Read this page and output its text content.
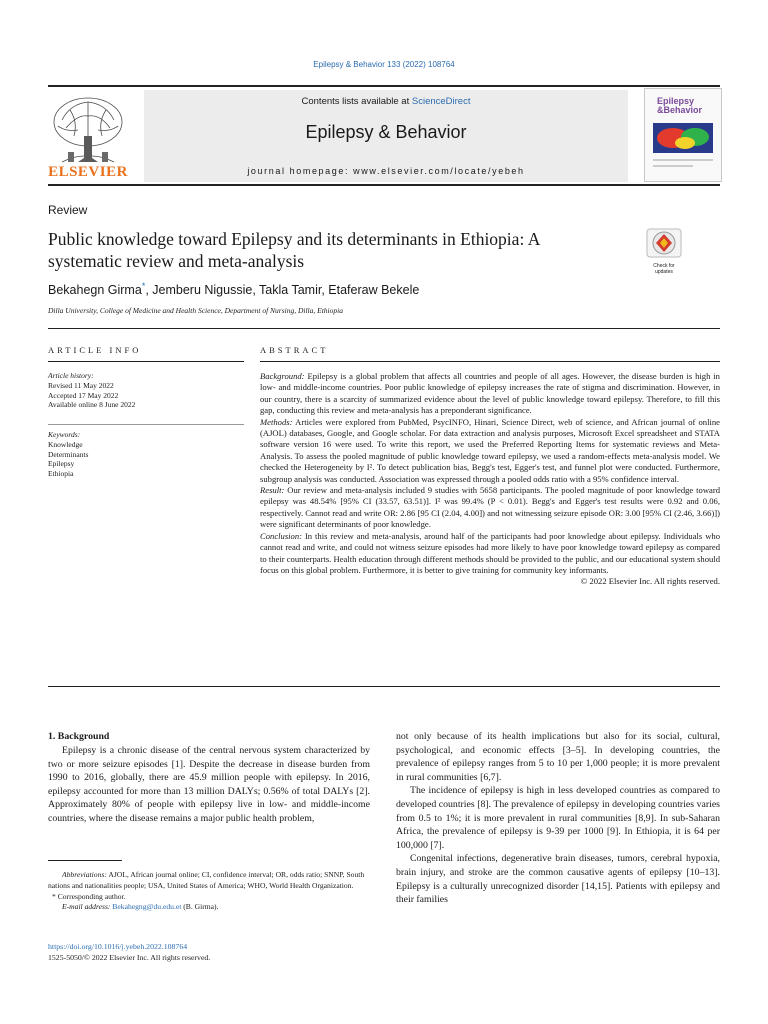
Epilepsy & Behavior 133 (2022) 108764
ELSEVIER
Contents lists available at ScienceDirect
Epilepsy & Behavior
journal homepage: www.elsevier.com/locate/yebeh
Epilepsy
&Behavior
Review
Public knowledge toward Epilepsy and its determinants in Ethiopia: A systematic review and meta-analysis	Check for updates
Bekahegn Girma*, Jemberu Nigussie, Takla Tamir, Etaferaw Bekele
Dilla University, College of Medicine and Health Science, Department of Nursing, Dilla, Ethiopia
ARTICLE INFO	ABSTRACT
Article history:
Revised 11 May 2022
Accepted 17 May 2022
Available online 8 June 2022
Keywords:
Knowledge
Determinants
Epilepsy
Ethiopia

Background: Epilepsy is a global problem that affects all countries and people of all ages. However, the disease burden is high in low- and middle-income countries. Poor public knowledge of epilepsy increases the rate of stigma and discrimination. However, in our country, there is a scarcity of summarized evidence about the level of public knowledge toward epilepsy. Therefore, to fill this gap, conducting this review and meta-analysis has a preponderant significance.

Methods: Articles were explored from PubMed, PsycINFO, Hinari, Science Direct, web of science, and African journal of online (AJOL) databases, Google, and Google scholar. For data extraction and analysis purposes, Microsoft Excel spreadsheet and STATA software version 16 were used. To write this report, we used the Preferred Reporting Items for systematic reviews and Meta-Analysis. To assess the pooled magnitude of public knowledge toward epilepsy, we used a random-effects meta-analysis model. We checked the Heterogeneity by I². To detect publication bias, Begg's test, Egger's test, and funnel plot were conducted. Furthermore, subgroup analysis was conducted. Association was expressed through a pooled odds ratio with a 95% confidence interval.

Result: Our review and meta-analysis included 9 studies with 5658 participants. The pooled magnitude of poor knowledge toward epilepsy was 48.54% [95% CI (33.57, 63.51)]. I² was 99.4% (P < 0.01). Begg's and Egger's test results were 0.92 and 0.06, respectively. Cannot read and write OR: 2.86 [95 CI (2.04, 4.00]) and not witnessing seizure episode OR: 3.00 [95% CI (2.46, 3.66)]) were significant determinants of poor knowledge.

Conclusion: In this review and meta-analysis, around half of the participants had poor knowledge about epilepsy. Individuals who cannot read and write, and could not witness seizure episodes had more likely to have poor knowledge toward epilepsy as compared to their counterparts. Health education through different methods should be provided to the public, and our educational system should focus on this global problem. Furthermore, it is better to give training for community key informants.

© 2022 Elsevier Inc. All rights reserved.

1. Background

Epilepsy is a chronic disease of the central nervous system characterized by two or more seizure episodes [1]. Despite the decrease in disease burden from 1990 to 2016, globally, there are 45.9 million people with epilepsy. In 2016, epilepsy accounted for more than 13 million DALYs; 0.56% of total DALYs [2]. Approximately 80% of people with epilepsy live in low- and middle-income countries, where the disease remains a major public health problem,

not only because of its health implications but also for its social, cultural, psychological, and economic effects [3–5]. In developing countries, the prevalence of epilepsy ranges from 5 to 10 per 1,000 people; it is more prevalent in rural communities [6,7].

The incidence of epilepsy is high in less developed countries as compared to developed countries [8]. The prevalence of epilepsy in developing countries varies from 0.5 to 1%; it is more prevalent in rural communities [8,9]. In sub-Saharan Africa, the prevalence of epilepsy is 9-39 per 1000 [9]. In Ethiopia, it is 64 per 100,000 [7].

Congenital infections, degenerative brain diseases, tumors, cerebral hypoxia, brain injury, and stroke are the common causative agents of epilepsy [10–13]. Epilepsy is a culturally unrecognized disorder [14,15]. Patients with epilepsy and their families

Abbreviations: AJOL, African journal online; CI, confidence interval; OR, odds ratio; SNNP, South nations and nationalities people; USA, United States of America; WHO, World Health Organization.

* Corresponding author.

E-mail address: Bekahegng@du.edu.et (B. Girma).

https://doi.org/10.1016/j.yebeh.2022.108764
1525-5050/© 2022 Elsevier Inc. All rights reserved.
